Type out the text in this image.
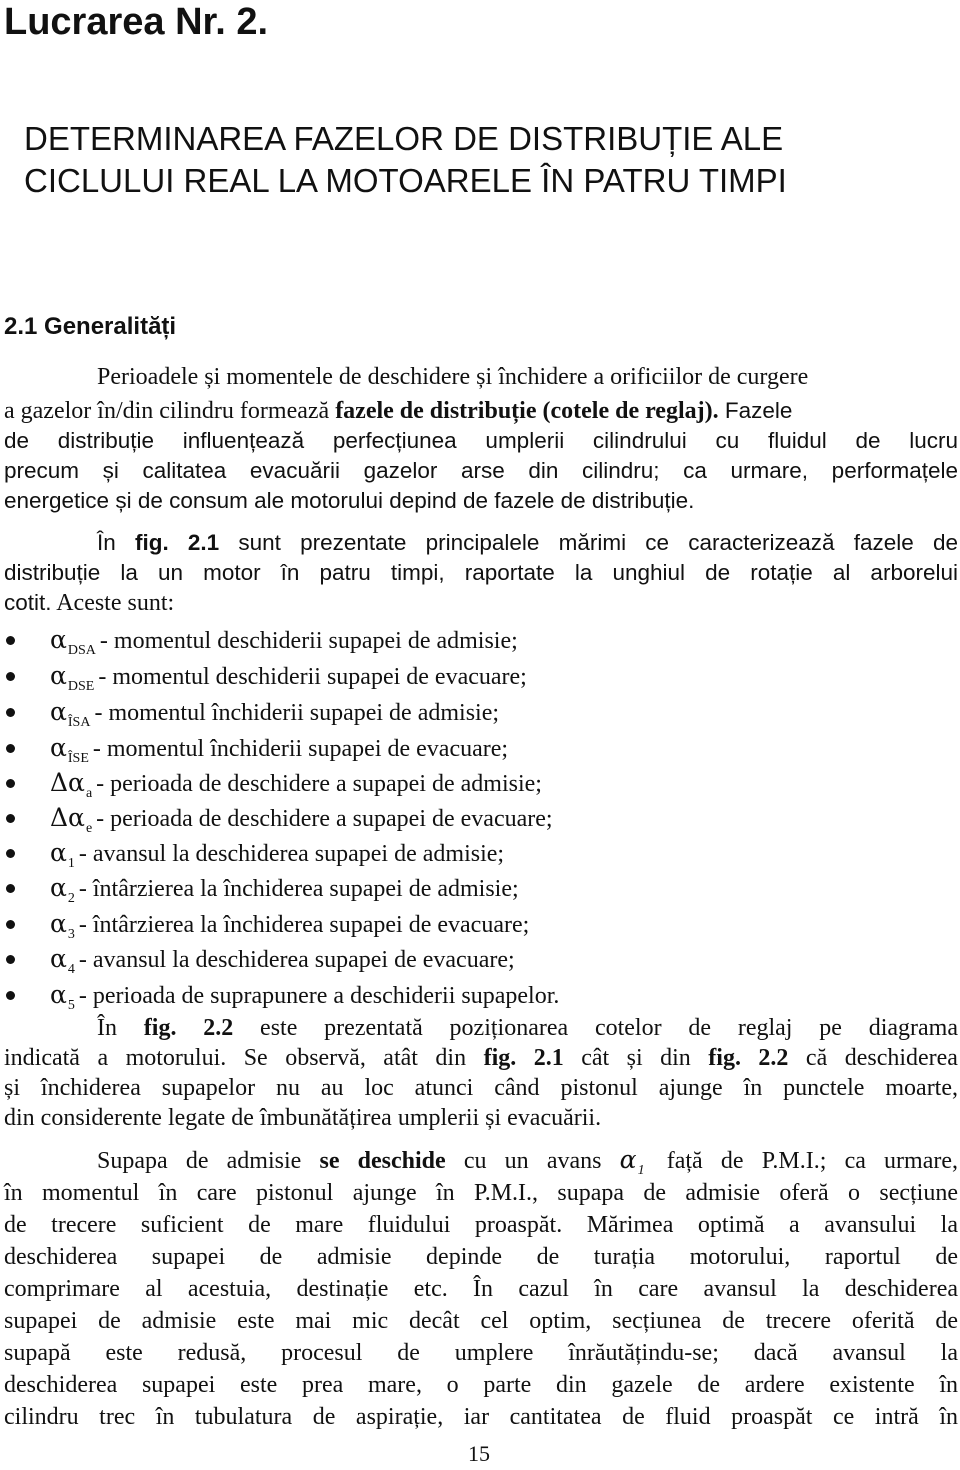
Lucrarea Nr. 2.
DETERMINAREA FAZELOR DE DISTRIBUȚIE ALE
CICLULUI REAL LA MOTOARELE ÎN PATRU TIMPI
2.1 Generalități
Perioadele și momentele de deschidere și închidere a orificiilor de curgere
a gazelor în/din cilindru formează fazele de distribuție (cotele de reglaj). Fazele
de distribuție influențează perfecțiunea umplerii cilindrului cu fluidul de lucru
precum și calitatea evacuării gazelor arse din cilindru; ca urmare, performațele
energetice și de consum ale motorului depind de fazele de distribuție.
În fig. 2.1 sunt prezentate principalele mărimi ce caracterizează fazele de
distribuție la un motor în patru timpi, raportate la unghiul de rotație al arborelui
cotit. Aceste sunt:
$\alpha_{DSA}$ - momentul deschiderii supapei de admisie;
$\alpha_{DSE}$ - momentul deschiderii supapei de evacuare;
$\alpha_{ÎSA}$ - momentul închiderii supapei de admisie;
$\alpha_{ÎSE}$ - momentul închiderii supapei de evacuare;
$\Delta\alpha_a$ - perioada de deschidere a supapei de admisie;
$\Delta\alpha_e$ - perioada de deschidere a supapei de evacuare;
$\alpha_1$ - avansul la deschiderea supapei de admisie;
$\alpha_2$ - întârzierea la închiderea supapei de admisie;
$\alpha_3$ - întârzierea la închiderea supapei de evacuare;
$\alpha_4$ - avansul la deschiderea supapei de evacuare;
$\alpha_5$ - perioada de suprapunere a deschiderii supapelor.
În fig. 2.2 este prezentată poziționarea cotelor de reglaj pe diagrama
indicată a motorului. Se observă, atât din fig. 2.1 cât și din fig. 2.2 că deschiderea
și închiderea supapelor nu au loc atunci când pistonul ajunge în punctele moarte,
din considerente legate de îmbunătățirea umplerii și evacuării.
Supapa de admisie se deschide cu un avans $\alpha_1$ față de P.M.I.; ca urmare,
în momentul în care pistonul ajunge în P.M.I., supapa de admisie oferă o secțiune
de trecere suficient de mare fluidului proaspăt. Mărimea optimă a avansului la
deschiderea supapei de admisie depinde de turația motorului, raportul de
comprimare al acestuia, destinație etc. În cazul în care avansul la deschiderea
supapei de admisie este mai mic decât cel optim, secțiunea de trecere oferită de
supapă este redusă, procesul de umplere înrăutățindu-se; dacă avansul la
deschiderea supapei este prea mare, o parte din gazele de ardere existente în
cilindru trec în tubulatura de aspirație, iar cantitatea de fluid proaspăt ce intră în
15
